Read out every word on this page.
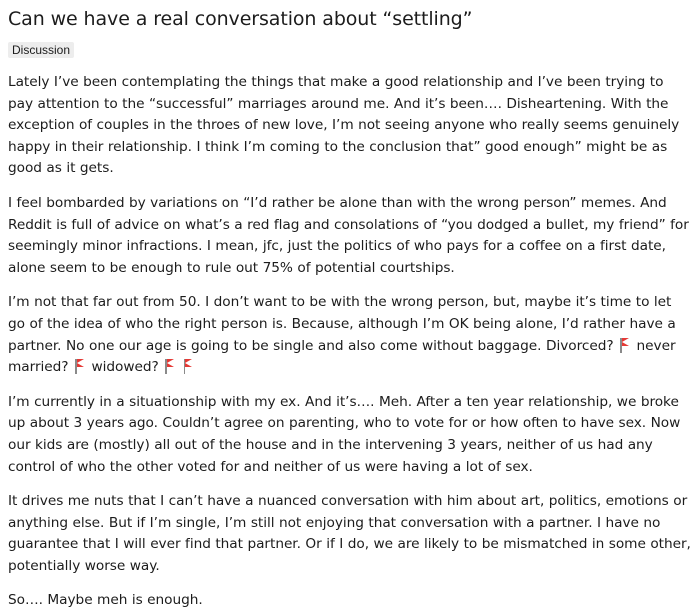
Can we have a real conversation about “settling”
Discussion

Lately I’ve been contemplating the things that make a good relationship and I’ve been trying to pay attention to the “successful” marriages around me. And it’s been…. Disheartening. With the exception of couples in the throes of new love, I’m not seeing anyone who really seems genuinely happy in their relationship. I think I’m coming to the conclusion that” good enough” might be as good as it gets.

I feel bombarded by variations on “I’d rather be alone than with the wrong person” memes. And Reddit is full of advice on what’s a red flag and consolations of “you dodged a bullet, my friend” for seemingly minor infractions. I mean, jfc, just the politics of who pays for a coffee on a first date, alone seem to be enough to rule out 75% of potential courtships.

I’m not that far out from 50. I don’t want to be with the wrong person, but, maybe it’s time to let go of the idea of who the right person is. Because, although I’m OK being alone, I’d rather have a partner. No one our age is going to be single and also come without baggage. Divorced?
never married?
widowed?

I’m currently in a situationship with my ex. And it’s…. Meh. After a ten year relationship, we broke up about 3 years ago. Couldn’t agree on parenting, who to vote for or how often to have sex. Now our kids are (mostly) all out of the house and in the intervening 3 years, neither of us had any control of who the other voted for and neither of us were having a lot of sex.

It drives me nuts that I can’t have a nuanced conversation with him about art, politics, emotions or anything else. But if I’m single, I’m still not enjoying that conversation with a partner. I have no guarantee that I will ever find that partner. Or if I do, we are likely to be mismatched in some other, potentially worse way.

So…. Maybe meh is enough.
